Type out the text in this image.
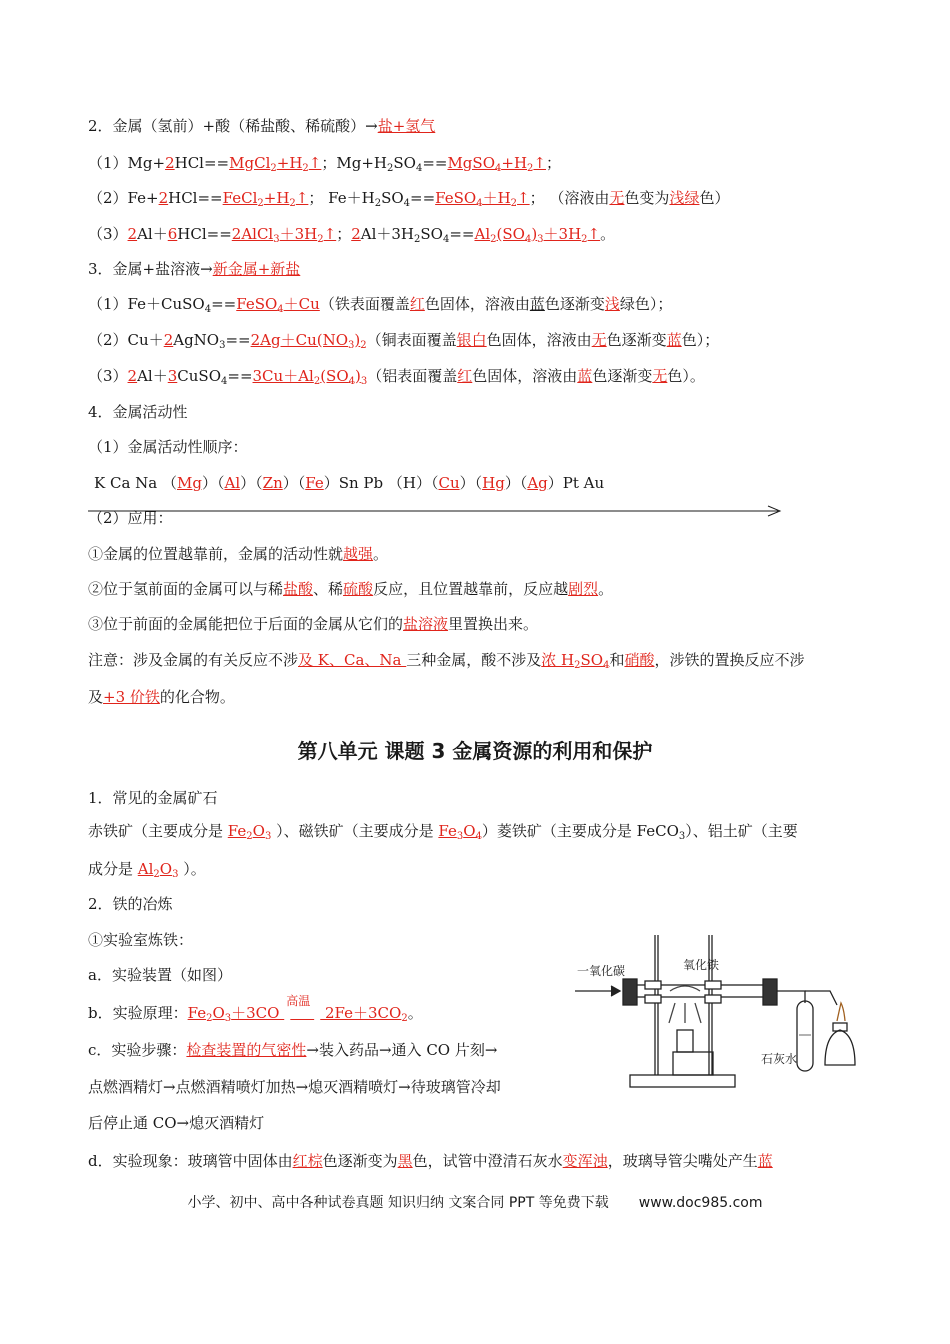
2．金属（氢前）+酸（稀盐酸、稀硫酸）→盐+氢气
$(1)Mg+2HCl==MgCl_2+H_2↑$；$Mg+H_2SO_4==MgSO_4+H_2↑$；
$(2)Fe+2HCl==FeCl_2+H_2↑$； $Fe+H_2SO_4==FeSO_4+H_2↑$； （溶液由无色变为浅绿色）
$(3)2Al+6HCl==2AlCl_3+3H_2↑$；$2Al+3H_2SO_4==Al_2(SO_4)_3+3H_2↑$。
3．金属+盐溶液→新金属+新盐
（1）Fe＋CuSO$_4$==FeSO$_4$＋Cu（铁表面覆盖红色固体，溶液由蓝色逐渐变浅绿色）；
$(2)Cu+2AgNO_3==2Ag+Cu(NO_3)_2$（铜表面覆盖银白色固体，溶液由无色逐渐变蓝色）；
$(3)2Al+3CuSO_4==3Cu+Al_2(SO_4)_3$（铝表面覆盖红色固体，溶液由蓝色逐渐变无色）。
4．金属活动性
（1）金属活动性顺序：
K Ca Na （Mg）（Al）（Zn）（Fe）Sn Pb （H）（Cu）（Hg）（Ag）Pt Au
（2）应用：
①金属的位置越靠前，金属的活动性就越强。
②位于氢前面的金属可以与稀盐酸、稀硫酸反应，且位置越靠前，反应越剧烈。
③位于前面的金属能把位于后面的金属从它们的盐溶液里置换出来。
注意：涉及金属的有关反应不涉及 K、Ca、Na 三种金属，酸不涉及浓 $H_2SO_4$和硝酸，涉铁的置换反应不涉
及+3 价铁的化合物。
第八单元 课题 3 金属资源的利用和保护
1．常见的金属矿石
赤铁矿（主要成分是 $Fe_2O_3$ ）、磁铁矿（主要成分是 $Fe_3O_4$）菱铁矿（主要成分是 FeCO$_3$）、铝土矿（主要
成分是 $Al_2O_3$ ）。
2．铁的冶炼
①实验室炼铁：
a．实验装置（如图）
b．实验原理：$Fe_2O_3+3CO$
高温
$2Fe+3CO_2$。
c．实验步骤：检查装置的气密性→装入药品→通入 CO 片刻→
点燃酒精灯→点燃酒精喷灯加热→熄灭酒精喷灯→待玻璃管冷却
后停止通 CO→熄灭酒精灯
d．实验现象：玻璃管中固体由红棕色逐渐变为黑色，试管中澄清石灰水变浑浊，玻璃导管尖嘴处产生蓝
一氧化碳	氧化铁
石灰水
小学、初中、高中各种试卷真题 知识归纳 文案合同 PPT 等免费下载 www.doc985.com
